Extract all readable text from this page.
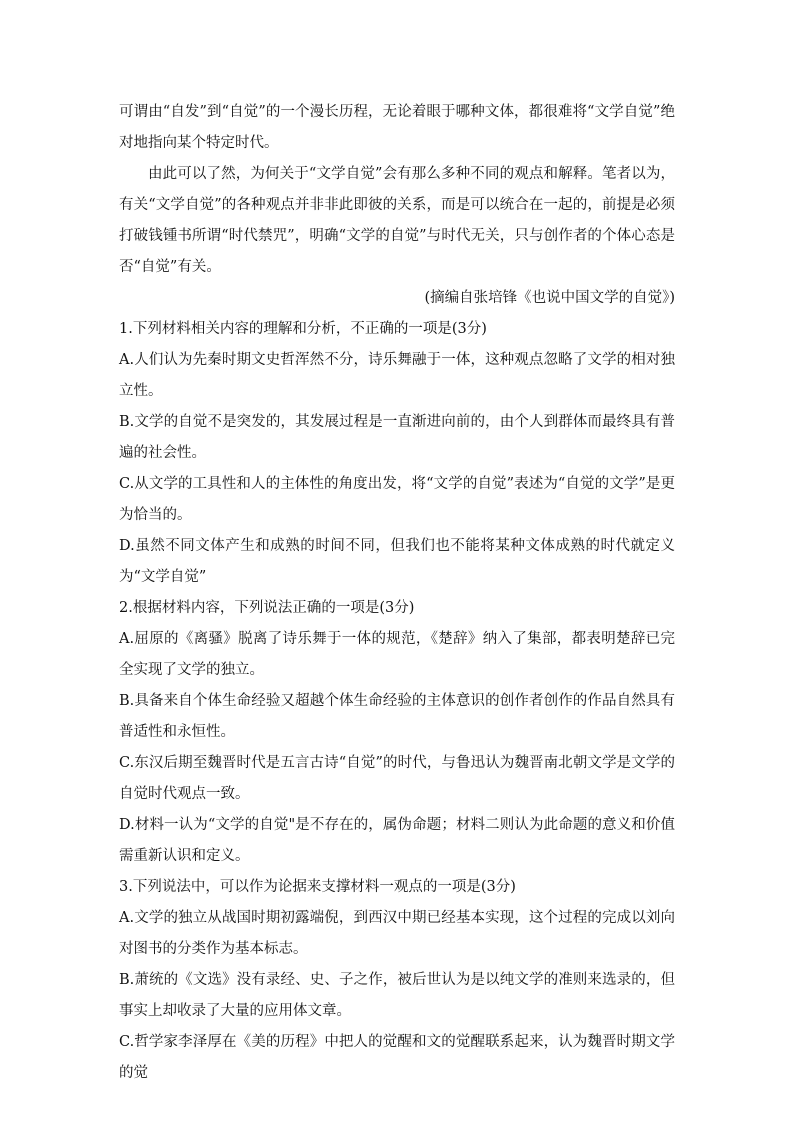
可谓由“自发”到“自觉”的一个漫长历程，无论着眼于哪种文体，都很难将“文学自觉”绝对地指向某个特定时代。

由此可以了然，为何关于“文学自觉”会有那么多种不同的观点和解释。笔者以为，有关“文学自觉”的各种观点并非非此即彼的关系，而是可以统合在一起的，前提是必须打破钱锺书所谓“时代禁咒”，明确“文学的自觉”与时代无关，只与创作者的个体心态是否“自觉”有关。

(摘编自张培锋《也说中国文学的自觉》)

1.下列材料相关内容的理解和分析，不正确的一项是(3分)

A.人们认为先秦时期文史哲浑然不分，诗乐舞融于一体，这种观点忽略了文学的相对独立性。

B.文学的自觉不是突发的，其发展过程是一直渐进向前的，由个人到群体而最终具有普遍的社会性。

C.从文学的工具性和人的主体性的角度出发，将“文学的自觉”表述为“自觉的文学”是更为恰当的。

D.虽然不同文体产生和成熟的时间不同，但我们也不能将某种文体成熟的时代就定义为“文学自觉”

2.根据材料内容，下列说法正确的一项是(3分)

A.屈原的《离骚》脱离了诗乐舞于一体的规范，《楚辞》纳入了集部，都表明楚辞已完全实现了文学的独立。

B.具备来自个体生命经验又超越个体生命经验的主体意识的创作者创作的作品自然具有普适性和永恒性。

C.东汉后期至魏晋时代是五言古诗“自觉”的时代，与鲁迅认为魏晋南北朝文学是文学的自觉时代观点一致。

D.材料一认为“文学的自觉"是不存在的，属伪命题；材料二则认为此命题的意义和价值需重新认识和定义。

3.下列说法中，可以作为论据来支撑材料一观点的一项是(3分)

A.文学的独立从战国时期初露端倪，到西汉中期已经基本实现，这个过程的完成以刘向对图书的分类作为基本标志。

B.萧统的《文选》没有录经、史、子之作，被后世认为是以纯文学的准则来选录的，但事实上却收录了大量的应用体文章。

C.哲学家李泽厚在《美的历程》中把人的觉醒和文的觉醒联系起来，认为魏晋时期文学的觉
